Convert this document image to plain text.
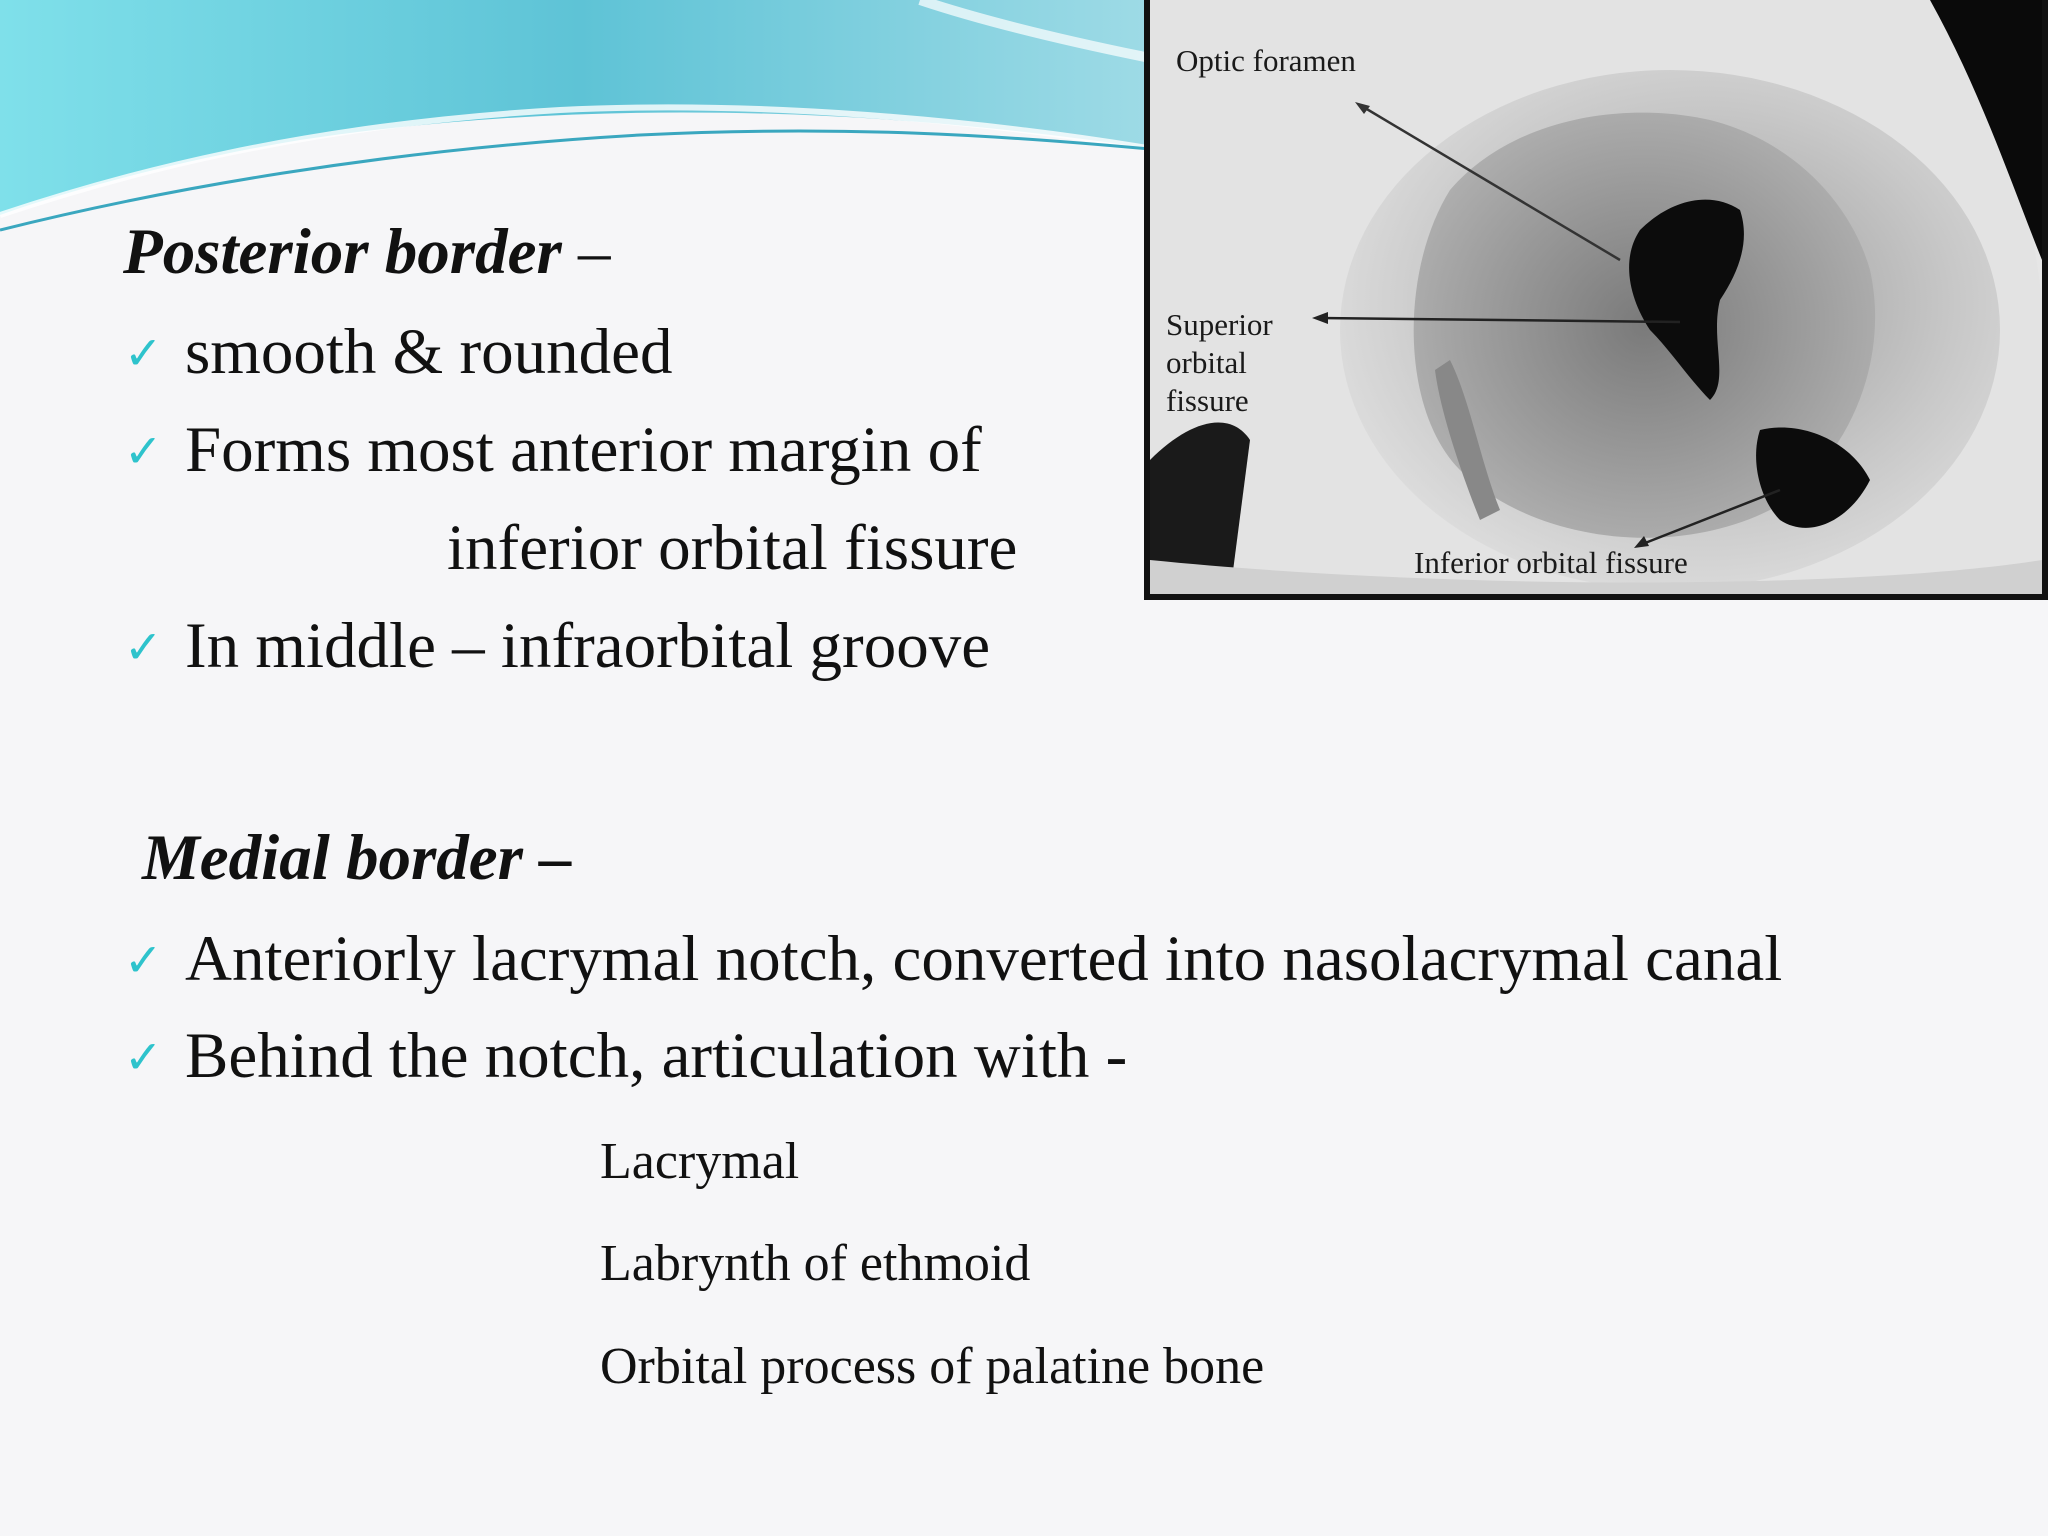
Posterior border –
✓ smooth & rounded
✓ Forms most anterior margin of
inferior orbital fissure
✓ In middle – infraorbital groove
Medial border –
✓ Anteriorly lacrymal notch, converted into nasolacrymal canal
✓ Behind the notch, articulation with -
Lacrymal
Labrynth of ethmoid
Orbital process of palatine bone
Optic foramen
Superior
orbital
fissure
Inferior orbital fissure
